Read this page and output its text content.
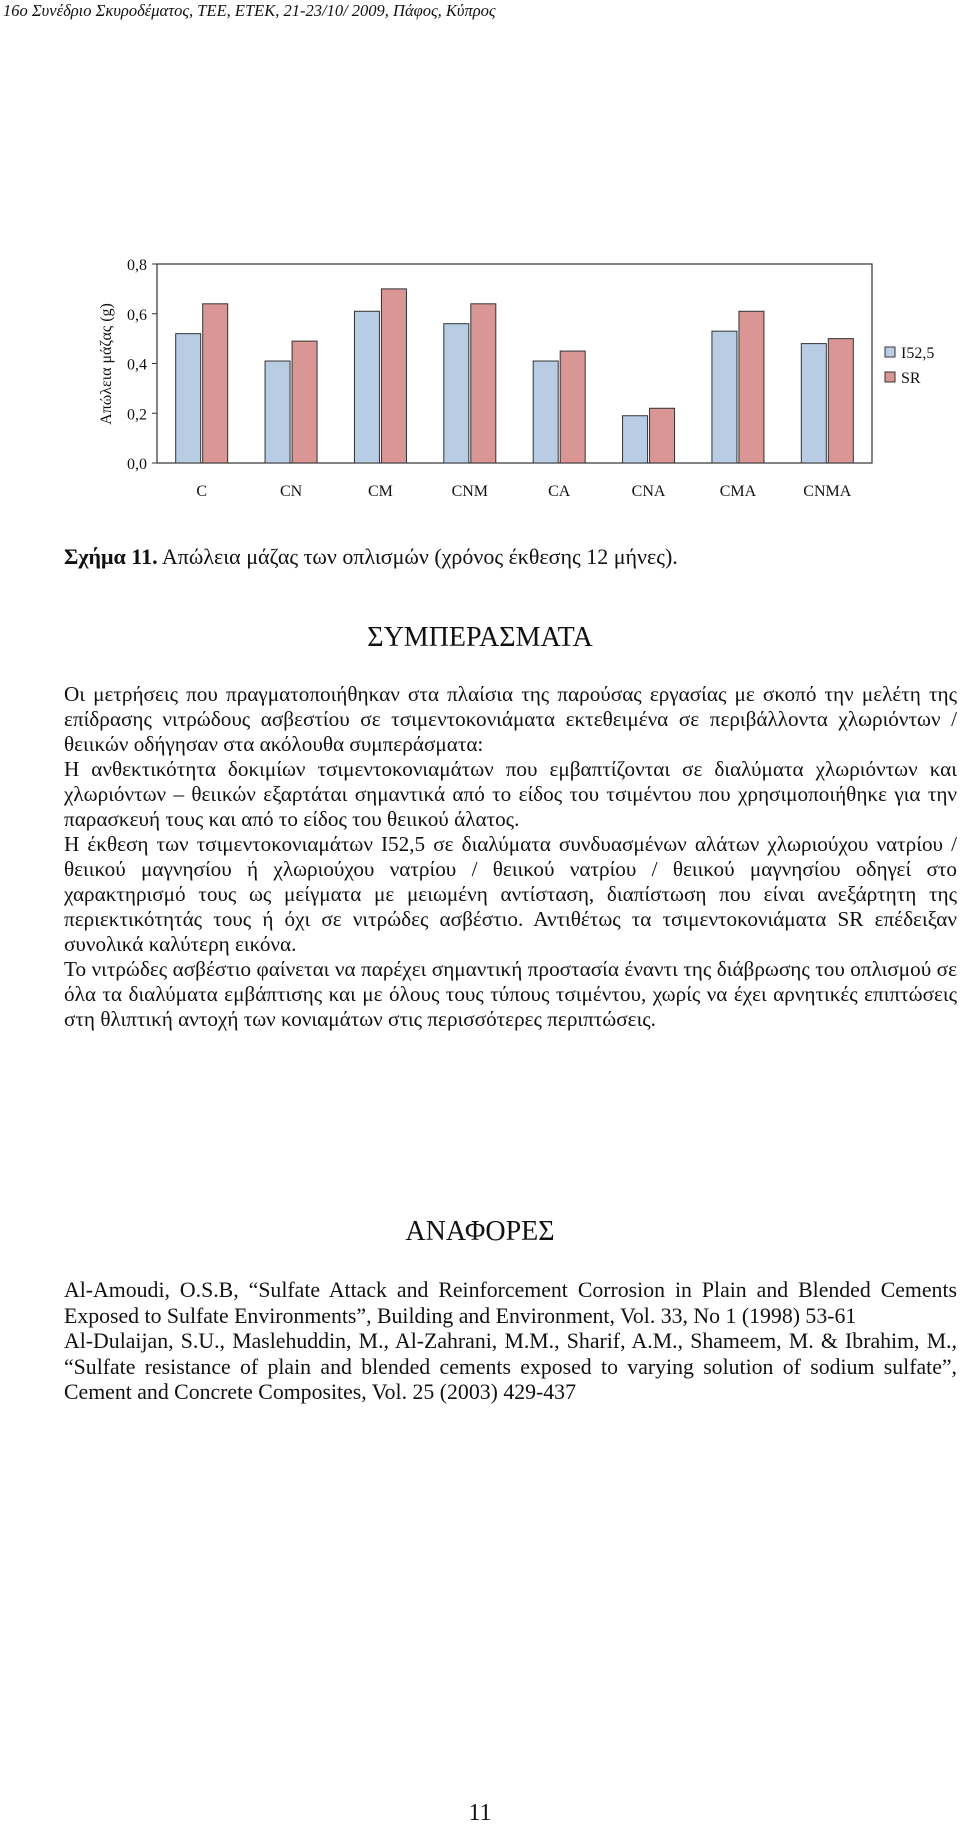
16ο Συνέδριο Σκυροδέματος, ΤΕΕ, ΕΤΕΚ, 21-23/10/ 2009, Πάφος, Κύπρος
Απώλεια μάζας (g)
0,0
0,2
0,4
0,6
0,8
C	CN	CM	CNM	CA	CNA	CMA	CNMA
I52,5
SR
Σχήμα 11. Απώλεια μάζας των οπλισμών (χρόνος έκθεσης 12 μήνες).
ΣΥΜΠΕΡΑΣΜΑΤΑ

Οι μετρήσεις που πραγματοποιήθηκαν στα πλαίσια της παρούσας εργασίας με σκοπό την μελέτη της επίδρασης νιτρώδους ασβεστίου σε τσιμεντοκονιάματα εκτεθειμένα σε περιβάλλοντα χλωριόντων / θειικών οδήγησαν στα ακόλουθα συμπεράσματα:

Η ανθεκτικότητα δοκιμίων τσιμεντοκονιαμάτων που εμβαπτίζονται σε διαλύματα χλωριόντων και χλωριόντων – θειικών εξαρτάται σημαντικά από το είδος του τσιμέντου που χρησιμοποιήθηκε για την παρασκευή τους και από το είδος του θειικού άλατος.

Η έκθεση των τσιμεντοκονιαμάτων I52,5 σε διαλύματα συνδυασμένων αλάτων χλωριούχου νατρίου / θειικού μαγνησίου ή χλωριούχου νατρίου / θειικού νατρίου / θειικού μαγνησίου οδηγεί στο χαρακτηρισμό τους ως μείγματα με μειωμένη αντίσταση, διαπίστωση που είναι ανεξάρτητη της περιεκτικότητάς τους ή όχι σε νιτρώδες ασβέστιο. Αντιθέτως τα τσιμεντοκονιάματα SR επέδειξαν συνολικά καλύτερη εικόνα.

Το νιτρώδες ασβέστιο φαίνεται να παρέχει σημαντική προστασία έναντι της διάβρωσης του οπλισμού σε όλα τα διαλύματα εμβάπτισης και με όλους τους τύπους τσιμέντου, χωρίς να έχει αρνητικές επιπτώσεις στη θλιπτική αντοχή των κονιαμάτων στις περισσότερες περιπτώσεις.

ΑΝΑΦΟΡΕΣ

Al-Amoudi, O.S.B, “Sulfate Attack and Reinforcement Corrosion in Plain and Blended Cements Exposed to Sulfate Environments”, Building and Environment, Vol. 33, No 1 (1998) 53-61

Al-Dulaijan, S.U., Maslehuddin, M., Al-Zahrani, M.M., Sharif, A.M., Shameem, M. & Ibrahim, M., “Sulfate resistance of plain and blended cements exposed to varying solution of sodium sulfate”, Cement and Concrete Composites, Vol. 25 (2003) 429-437

11
